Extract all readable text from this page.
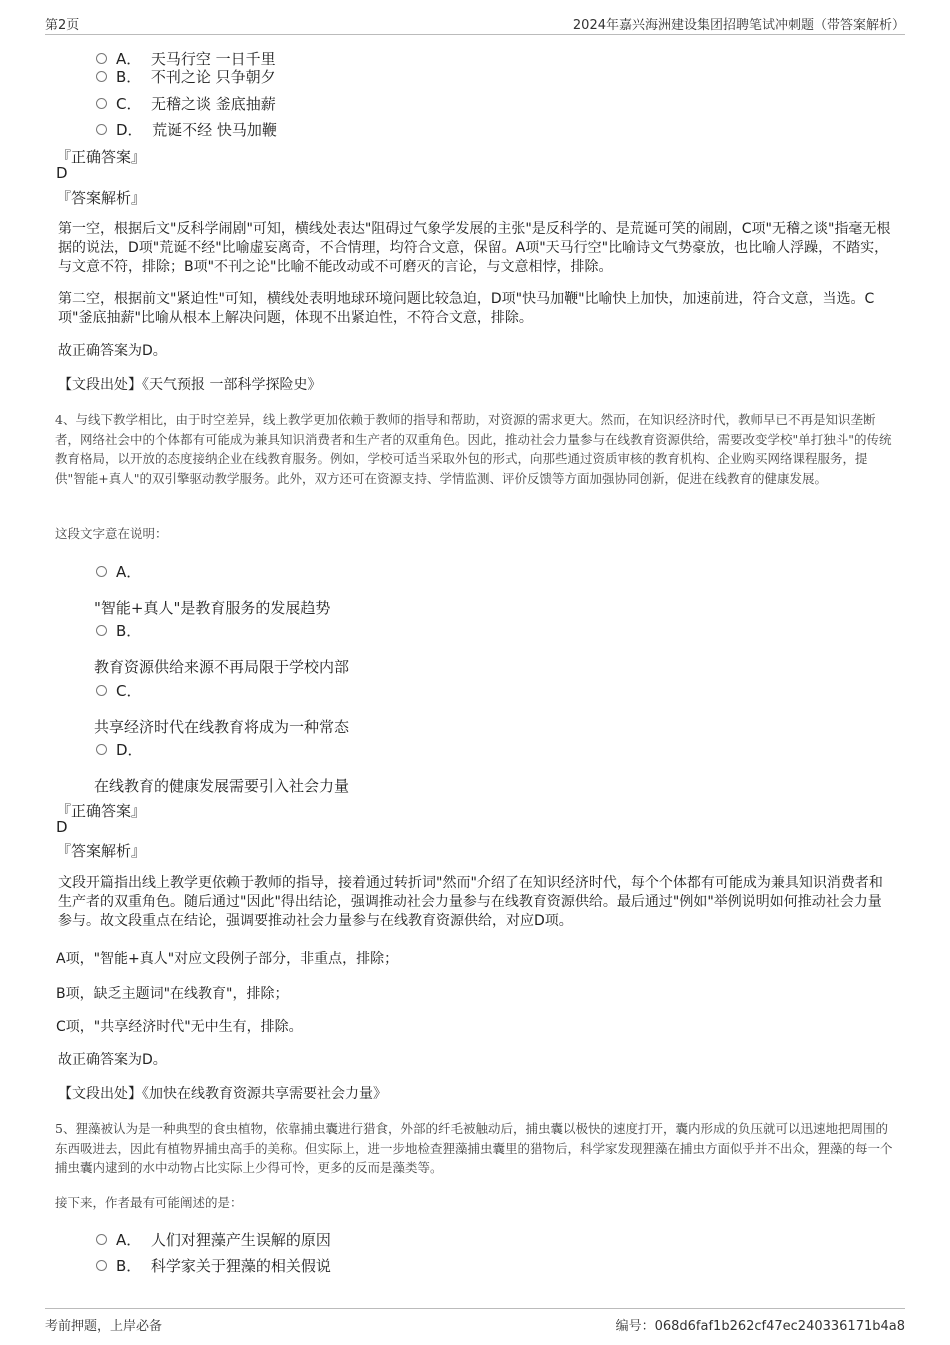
第2页	2024年嘉兴海洲建设集团招聘笔试冲刺题（带答案解析）
A． 天马行空 一日千里
B． 不刊之论 只争朝夕
C． 无稽之谈 釜底抽薪
D． 荒诞不经 快马加鞭
『正确答案』
D
『答案解析』
第一空，根据后文"反科学闹剧"可知，横线处表达"阻碍过气象学发展的主张"是反科学的、是荒诞可笑的闹剧，C项"无稽之谈"指毫无根据的说法，D项"荒诞不经"比喻虚妄离奇，不合情理，均符合文意，保留。A项"天马行空"比喻诗文气势豪放，也比喻人浮躁，不踏实，与文意不符，排除；B项"不刊之论"比喻不能改动或不可磨灭的言论，与文意相悖，排除。
第二空，根据前文"紧迫性"可知，横线处表明地球环境问题比较急迫，D项"快马加鞭"比喻快上加快，加速前进，符合文意，当选。C项"釜底抽薪"比喻从根本上解决问题，体现不出紧迫性，不符合文意，排除。
故正确答案为D。
【文段出处】《天气预报 一部科学探险史》
4、与线下教学相比，由于时空差异，线上教学更加依赖于教师的指导和帮助，对资源的需求更大。然而，在知识经济时代，教师早已不再是知识垄断者，网络社会中的个体都有可能成为兼具知识消费者和生产者的双重角色。因此，推动社会力量参与在线教育资源供给，需要改变学校"单打独斗"的传统教育格局，以开放的态度接纳企业在线教育服务。例如，学校可适当采取外包的形式，向那些通过资质审核的教育机构、企业购买网络课程服务，提供"智能+真人"的双引擎驱动教学服务。此外，双方还可在资源支持、学情监测、评价反馈等方面加强协同创新，促进在线教育的健康发展。
这段文字意在说明：
A．
"智能+真人"是教育服务的发展趋势
B．
教育资源供给来源不再局限于学校内部
C．
共享经济时代在线教育将成为一种常态
D．
在线教育的健康发展需要引入社会力量
『正确答案』
D
『答案解析』
文段开篇指出线上教学更依赖于教师的指导，接着通过转折词"然而"介绍了在知识经济时代，每个个体都有可能成为兼具知识消费者和生产者的双重角色。随后通过"因此"得出结论，强调推动社会力量参与在线教育资源供给。最后通过"例如"举例说明如何推动社会力量参与。故文段重点在结论，强调要推动社会力量参与在线教育资源供给，对应D项。
A项，"智能+真人"对应文段例子部分，非重点，排除；
B项，缺乏主题词"在线教育"，排除；
C项，"共享经济时代"无中生有，排除。
故正确答案为D。
【文段出处】《加快在线教育资源共享需要社会力量》
5、狸藻被认为是一种典型的食虫植物，依靠捕虫囊进行猎食，外部的纤毛被触动后，捕虫囊以极快的速度打开，囊内形成的负压就可以迅速地把周围的东西吸进去，因此有植物界捕虫高手的美称。但实际上，进一步地检查狸藻捕虫囊里的猎物后，科学家发现狸藻在捕虫方面似乎并不出众，狸藻的每一个捕虫囊内逮到的水中动物占比实际上少得可怜，更多的反而是藻类等。
接下来，作者最有可能阐述的是：
A． 人们对狸藻产生误解的原因
B． 科学家关于狸藻的相关假说
考前押题，上岸必备	编号：068d6faf1b262cf47ec240336171b4a8
